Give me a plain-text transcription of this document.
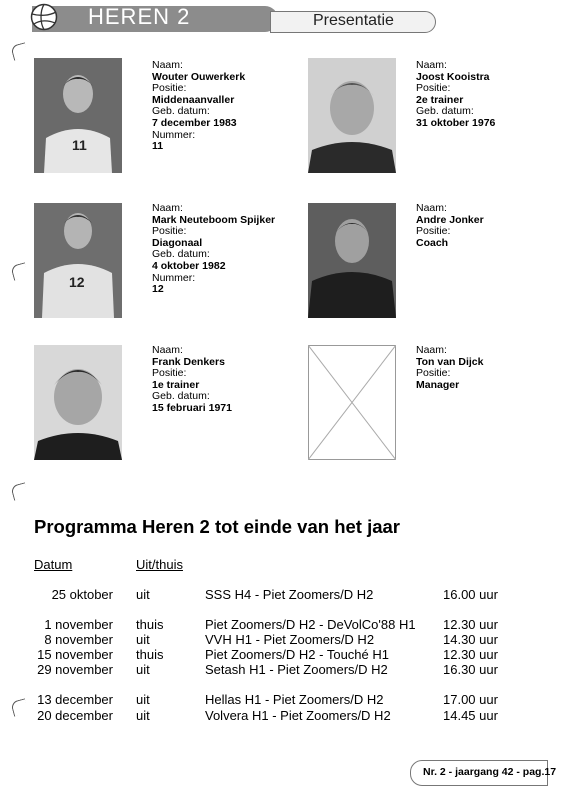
HEREN 2	Presentatie
11
Naam:
Wouter Ouwerkerk
Positie:
Middenaanvaller
Geb. datum:
7 december 1983
Nummer:
11
Naam:
Joost Kooistra
Positie:
2e trainer
Geb. datum:
31 oktober 1976
12
Naam:
Mark Neuteboom Spijker
Positie:
Diagonaal
Geb. datum:
4 oktober 1982
Nummer:
12
Naam:
Andre Jonker
Positie:
Coach
Naam:
Frank Denkers
Positie:
1e trainer
Geb. datum:
15 februari 1971
Naam:
Ton van Dijck
Positie:
Manager
Programma Heren 2 tot einde van het jaar
Datum	Uit/thuis
25 oktober uit	SSS H4 - Piet Zoomers/D H2	16.00 uur
1 november thuis	Piet Zoomers/D H2 - DeVolCo'88 H1 12.30 uur
8 november uit	VVH H1 - Piet Zoomers/D H2	14.30 uur
15 november thuis	Piet Zoomers/D H2 - Touché H1	12.30 uur
29 november uit	Setash H1 - Piet Zoomers/D H2	16.30 uur
13 december uit	Hellas H1 - Piet Zoomers/D H2	17.00 uur
20 december uit	Volvera H1 - Piet Zoomers/D H2	14.45 uur
Nr. 2 - jaargang 42 - pag.17
